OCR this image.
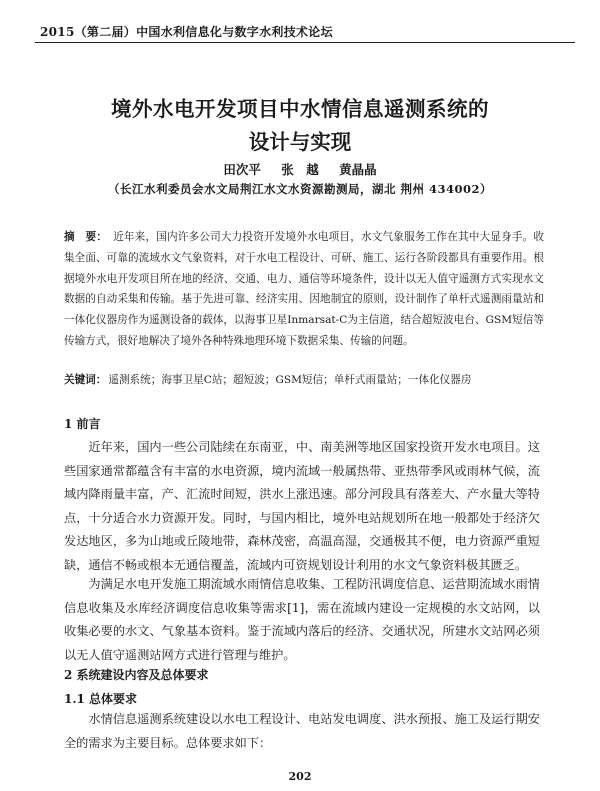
2015（第二届）中国水利信息化与数字水利技术论坛
境外水电开发项目中水情信息遥测系统的
设计与实现
田次平 张　越 黄晶晶
（长江水利委员会水文局荆江水文水资源勘测局，湖北 荆州 434002）
摘　要： 近年来，国内许多公司大力投资开发境外水电项目，水文气象服务工作在其中大显身手。收集全面、可靠的流域水文气象资料，对于水电工程设计、可研、施工、运行各阶段都具有重要作用。根据境外水电开发项目所在地的经济、交通、电力、通信等环境条件，设计以无人值守遥测方式实现水文数据的自动采集和传输。基于先进可靠、经济实用、因地制宜的原则，设计制作了单杆式遥测雨量站和一体化仪器房作为遥测设备的载体，以海事卫星Inmarsat-C为主信道，结合超短波电台、GSM短信等传输方式，很好地解决了境外各种特殊地理环境下数据采集、传输的问题。
关键词： 遥测系统；海事卫星C站；超短波；GSM短信；单杆式雨量站；一体化仪器房
1 前言
近年来，国内一些公司陆续在东南亚，中、南美洲等地区国家投资开发水电项目。这些国家通常都蕴含有丰富的水电资源，境内流域一般属热带、亚热带季风或雨林气候，流域内降雨量丰富，产、汇流时间短，洪水上涨迅速。部分河段具有落差大、产水量大等特点，十分适合水力资源开发。同时，与国内相比，境外电站规划所在地一般都处于经济欠发达地区，多为山地或丘陵地带，森林茂密，高温高湿，交通极其不便，电力资源严重短缺，通信不畅或根本无通信覆盖，流域内可资规划设计利用的水文气象资料极其匮乏。
为满足水电开发施工期流域水雨情信息收集、工程防汛调度信息、运营期流域水雨情信息收集及水库经济调度信息收集等需求[1]，需在流域内建设一定规模的水文站网，以收集必要的水文、气象基本资料。鉴于流域内落后的经济、交通状况，所建水文站网必须以无人值守遥测站网方式进行管理与维护。
2 系统建设内容及总体要求
1.1 总体要求
水情信息遥测系统建设以水电工程设计、电站发电调度、洪水预报、施工及运行期安全的需求为主要目标。总体要求如下：
202
